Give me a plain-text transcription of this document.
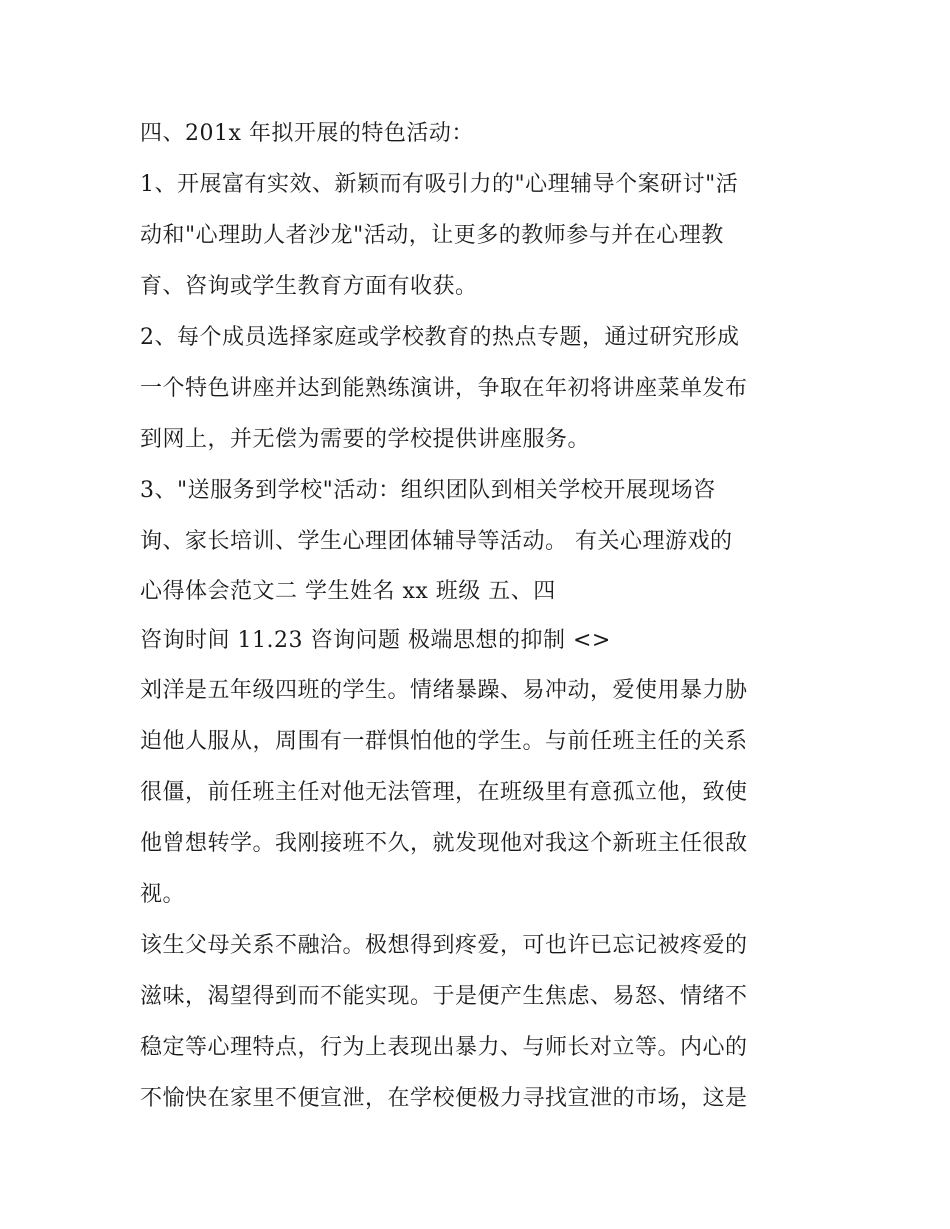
四、201x 年拟开展的特色活动：
1、开展富有实效、新颖而有吸引力的"心理辅导个案研讨"活
动和"心理助人者沙龙"活动，让更多的教师参与并在心理教
育、咨询或学生教育方面有收获。
2、每个成员选择家庭或学校教育的热点专题，通过研究形成
一个特色讲座并达到能熟练演讲，争取在年初将讲座菜单发布
到网上，并无偿为需要的学校提供讲座服务。
3、"送服务到学校"活动：组织团队到相关学校开展现场咨
询、家长培训、学生心理团体辅导等活动。 有关心理游戏的
心得体会范文二 学生姓名 xx 班级 五、四
咨询时间 11.23 咨询问题 极端思想的抑制 <>
刘洋是五年级四班的学生。情绪暴躁、易冲动，爱使用暴力胁
迫他人服从，周围有一群惧怕他的学生。与前任班主任的关系
很僵，前任班主任对他无法管理，在班级里有意孤立他，致使
他曾想转学。我刚接班不久，就发现他对我这个新班主任很敌
视。
该生父母关系不融洽。极想得到疼爱，可也许已忘记被疼爱的
滋味，渴望得到而不能实现。于是便产生焦虑、易怒、情绪不
稳定等心理特点，行为上表现出暴力、与师长对立等。内心的
不愉快在家里不便宣泄，在学校便极力寻找宣泄的市场，这是
